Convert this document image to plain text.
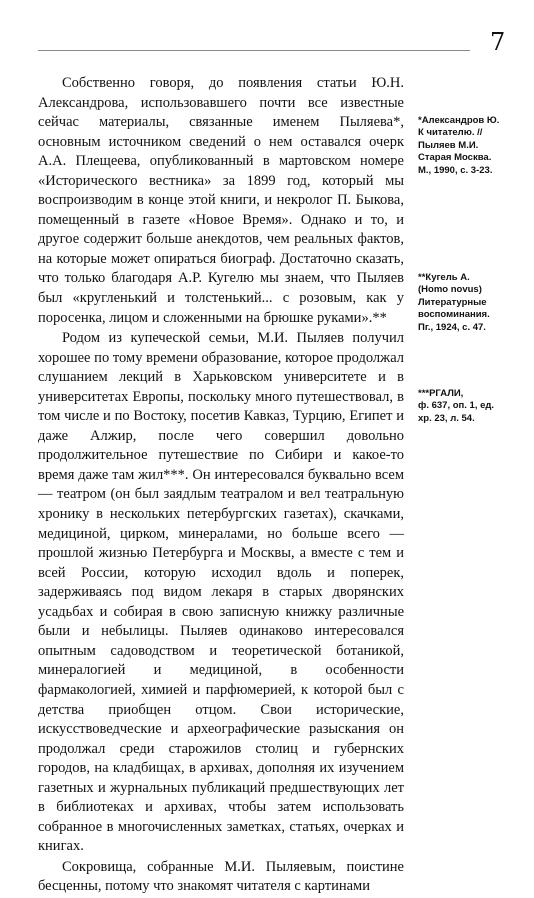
7

Собственно говоря, до появления статьи Ю.Н. Александрова, использовавшего почти все известные сейчас материалы, связанные именем Пыляева*, основным источником сведений о нем оставался очерк А.А. Плещеева, опубликованный в мартовском номере «Исторического вестника» за 1899 год, который мы воспроизводим в конце этой книги, и некролог П. Быкова, помещенный в газете «Новое Время». Однако и то, и другое содержит больше анекдотов, чем реальных фактов, на которые может опираться биограф. Достаточно сказать, что только благодаря А.Р. Кугелю мы знаем, что Пыляев был «кругленький и толстенький... с розовым, как у поросенка, лицом и сложенными на брюшке руками».**

Родом из купеческой семьи, М.И. Пыляев получил хорошее по тому времени образование, которое продолжал слушанием лекций в Харьковском университете и в университетах Европы, поскольку много путешествовал, в том числе и по Востоку, посетив Кавказ, Турцию, Египет и даже Алжир, после чего совершил довольно продолжительное путешествие по Сибири и какое-то время даже там жил***. Он интересовался буквально всем — театром (он был заядлым театралом и вел театральную хронику в нескольких петербургских газетах), скачками, медициной, цирком, минералами, но больше всего — прошлой жизнью Петербурга и Москвы, а вместе с тем и всей России, которую исходил вдоль и поперек, задерживаясь под видом лекаря в старых дворянских усадьбах и собирая в свою записную книжку различные были и небылицы. Пыляев одинаково интересовался опытным садоводством и теоретической ботаникой, минералогией и медициной, в особенности фармакологией, химией и парфюмерией, к которой был с детства приобщен отцом. Свои исторические, искусствоведческие и археографические разыскания он продолжал среди старожилов столиц и губернских городов, на кладбищах, в архивах, дополняя их изучением газетных и журнальных публикаций предшествующих лет в библиотеках и архивах, чтобы затем использовать собранное в многочисленных заметках, статьях, очерках и книгах.

Сокровища, собранные М.И. Пыляевым, поистине бесценны, потому что знакомят читателя с картинами

*Александров Ю.
К читателю. //
Пыляев М.И.
Старая Москва.
М., 1990, с. 3-23.
**Кугель А.
(Homo novus)
Литературные
воспоминания.
Пг., 1924, с. 47.
***РГАЛИ,
ф. 637, оп. 1, ед.
хр. 23, л. 54.
